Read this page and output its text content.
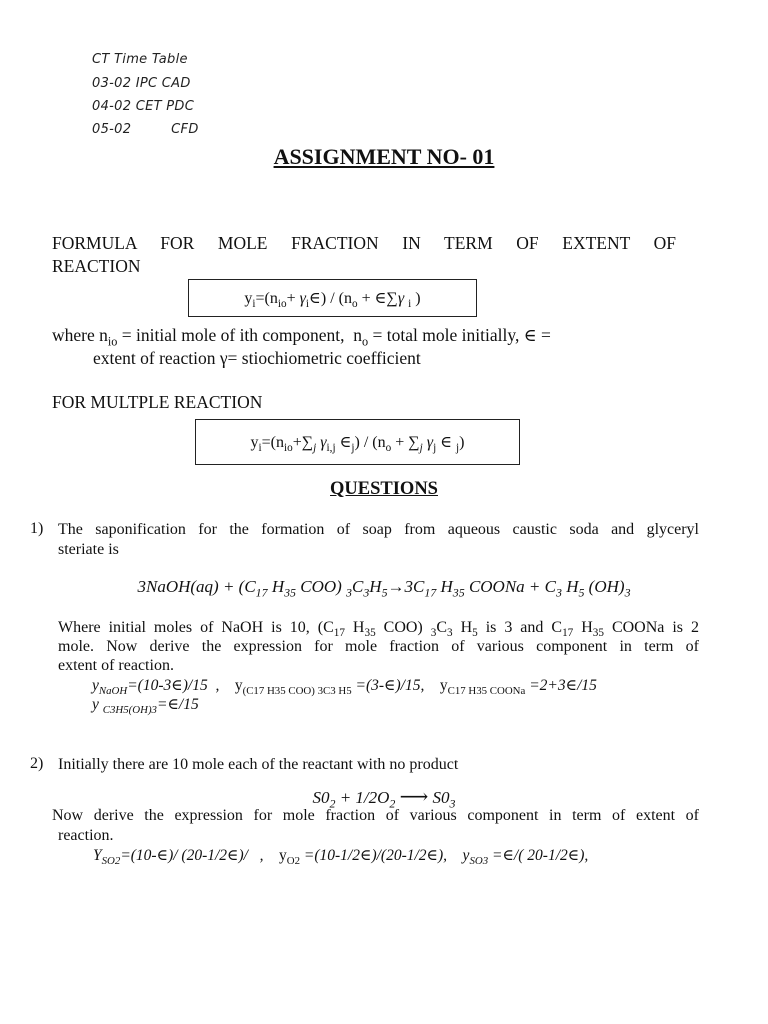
CT Time Table
03-02 IPC CAD
04-02 CET PDC
05-02         CFD
ASSIGNMENT NO- 01
FORMULA FOR MOLE FRACTION IN TERM OF EXTENT OF
REACTION
$y_i=(n_{io}+$ $\gamma_i\in) / (n_o$ + ∈∑γ $_i$ )
where $n_{io}$ = initial mole of ith component,  $n_o$ = total mole initially, ∈ =
extent of reaction γ= stiochiometric coefficient
FOR MULTPLE REACTION
$y_i=(n_{io}+\sum_j$ $\gamma_{i,j}$ $\in_j) / (n_o + \sum_j$ $\gamma_j$ ∈ $_j$)
QUESTIONS
1) The saponification for the formation of soap from aqueous caustic soda and glyceryl
steriate is
3NaOH(aq) + ($C_{17}$ $H_{35}$ COO) $_3C_3H_5\to 3C_{17}$ $H_{35}$ COONa + $C_3$ $H_5$ $(OH)_3$
Where initial moles of NaOH is 10, ($C_{17}$ $H_{35}$ COO) $_3C_3$ $H_5$ is 3 and $C_{17}$ $H_{35}$ COONa is 2
mole. Now derive the expression for mole fraction of various component in term of
extent of reaction.
$y_{NaOH}=(10-3\in)/15$  ,    $y_{(C17 H35 COO) 3C3 H5}$ =(3-∈)/15,    $y_{C17 H35 COONa}$ =2+3∈/15
y $_{C3H5(OH)3}$=∈/15
2) Initially there are 10 mole each of the reactant with no product
$S0_2 + 1/2O_2$ ⟶ $S0_3$
Now derive the expression for mole fraction of various component in term of extent of
reaction.
$Y_{SO2}=(10-\in)/$ (20-1/2∈)/   ,    $y_{O2}$ =(10-1/2∈)/(20-1/2∈),    $y_{SO3}$ =∈/( 20-1/2∈),
